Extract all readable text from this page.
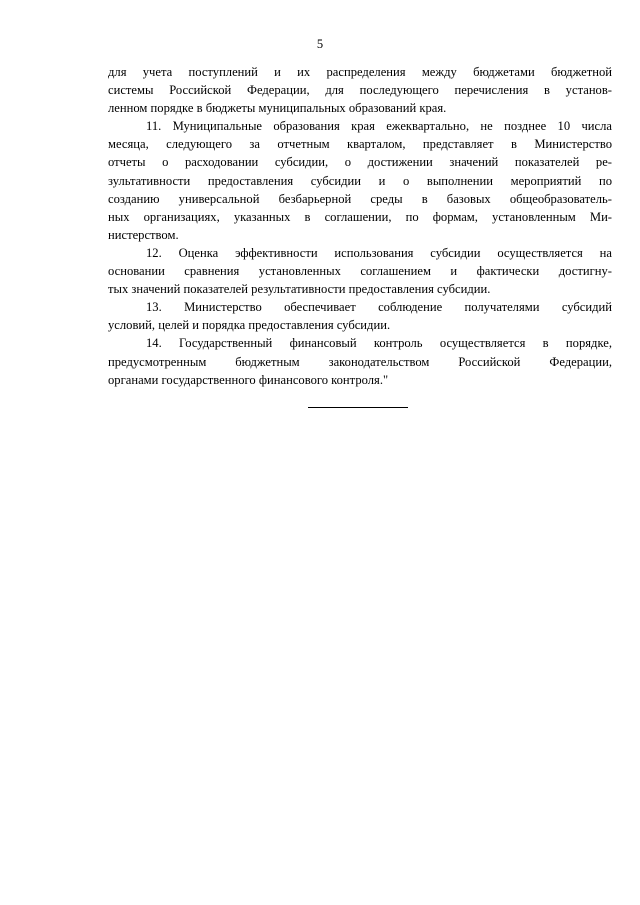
5

для учета поступлений и их распределения между бюджетами бюджетной
системы Российской Федерации, для последующего перечисления в установ-
ленном порядке в бюджеты муниципальных образований края.

11. Муниципальные образования края ежеквартально, не позднее 10 числа
месяца, следующего за отчетным кварталом, представляет в Министерство
отчеты о расходовании субсидии, о достижении значений показателей ре-
зультативности предоставления субсидии и о выполнении мероприятий по
созданию универсальной безбарьерной среды в базовых общеобразователь-
ных организациях, указанных в соглашении, по формам, установленным Ми-
нистерством.

12. Оценка эффективности использования субсидии осуществляется на
основании сравнения установленных соглашением и фактически достигну-
тых значений показателей результативности предоставления субсидии.

13. Министерство обеспечивает соблюдение получателями субсидий
условий, целей и порядка предоставления субсидии.

14. Государственный финансовый контроль осуществляется в порядке,
предусмотренным бюджетным законодательством Российской Федерации,
органами государственного финансового контроля."
